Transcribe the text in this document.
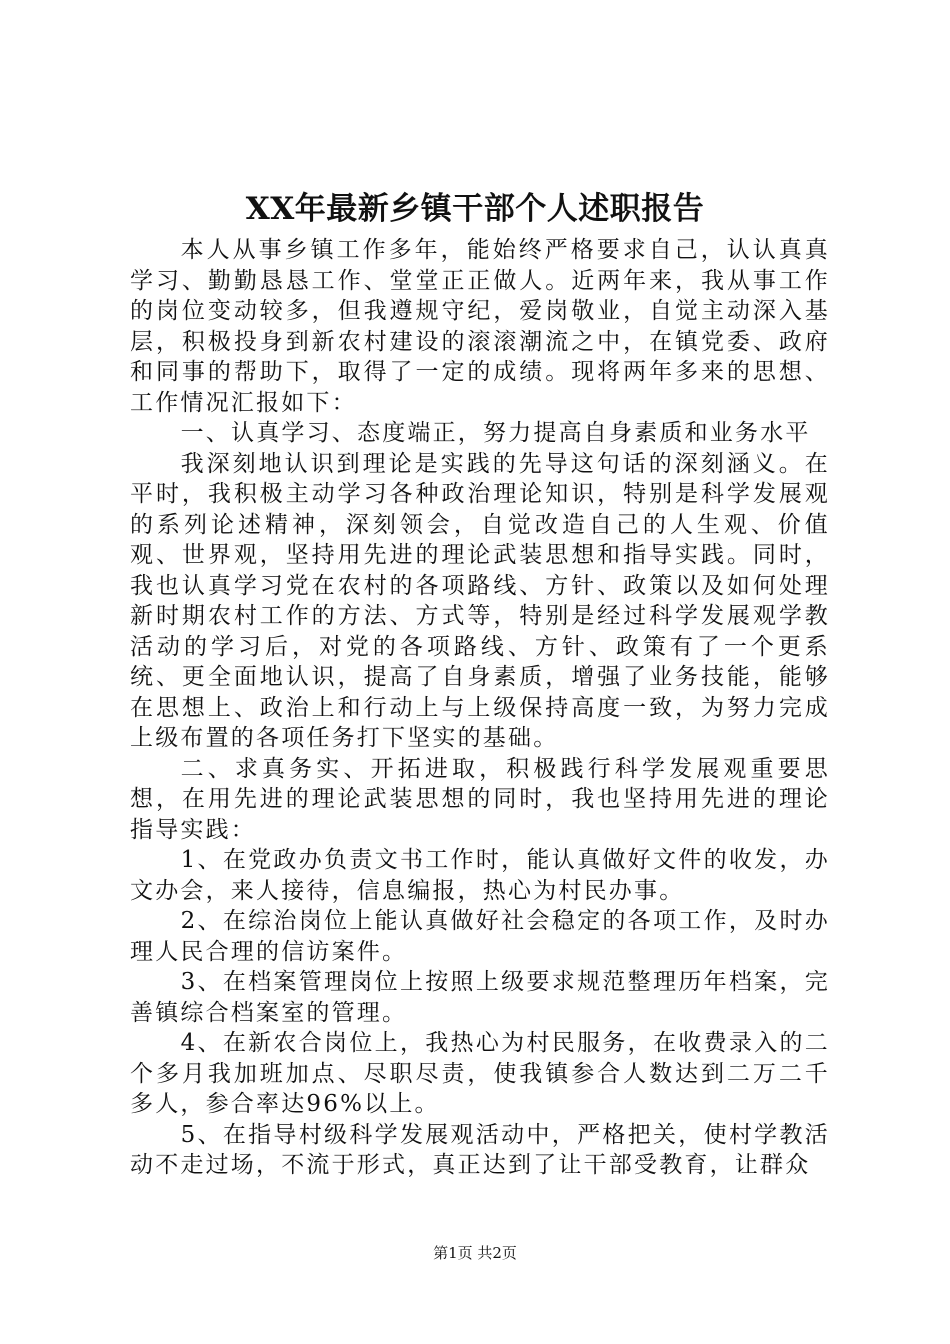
XX年最新乡镇干部个人述职报告

本人从事乡镇工作多年，能始终严格要求自己，认认真真学习、勤勤恳恳工作、堂堂正正做人。近两年来，我从事工作的岗位变动较多，但我遵规守纪，爱岗敬业，自觉主动深入基层，积极投身到新农村建设的滚滚潮流之中，在镇党委、政府和同事的帮助下，取得了一定的成绩。现将两年多来的思想、工作情况汇报如下：

一、认真学习、态度端正，努力提高自身素质和业务水平

我深刻地认识到理论是实践的先导这句话的深刻涵义。在平时，我积极主动学习各种政治理论知识，特别是科学发展观的系列论述精神，深刻领会，自觉改造自己的人生观、价值观、世界观，坚持用先进的理论武装思想和指导实践。同时，我也认真学习党在农村的各项路线、方针、政策以及如何处理新时期农村工作的方法、方式等，特别是经过科学发展观学教活动的学习后，对党的各项路线、方针、政策有了一个更系统、更全面地认识，提高了自身素质，增强了业务技能，能够在思想上、政治上和行动上与上级保持高度一致，为努力完成上级布置的各项任务打下坚实的基础。

二、求真务实、开拓进取，积极践行科学发展观重要思想，在用先进的理论武装思想的同时，我也坚持用先进的理论指导实践：

1、在党政办负责文书工作时，能认真做好文件的收发，办文办会，来人接待，信息编报，热心为村民办事。

2、在综治岗位上能认真做好社会稳定的各项工作，及时办理人民合理的信访案件。

3、在档案管理岗位上按照上级要求规范整理历年档案，完善镇综合档案室的管理。

4、在新农合岗位上，我热心为村民服务，在收费录入的二个多月我加班加点、尽职尽责，使我镇参合人数达到二万二千多人，参合率达96%以上。

5、在指导村级科学发展观活动中，严格把关，使村学教活动不走过场，不流于形式，真正达到了让干部受教育，让群众

第1页 共2页
